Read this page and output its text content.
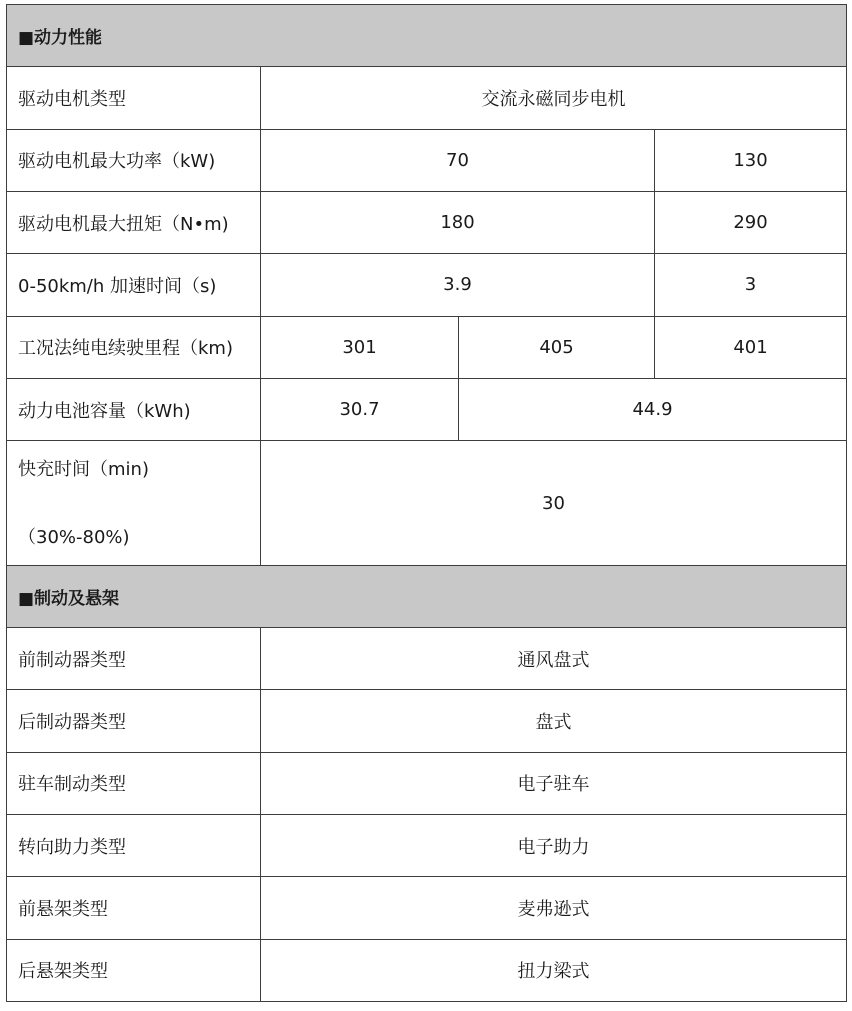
■动力性能			
驱动电机类型	交流永磁同步电机		
驱动电机最大功率（kW)	70		130
驱动电机最大扭矩（N•m)	180		290
0-50km/h 加速时间（s)	3.9		3
工况法纯电续驶里程（km)	301	405	401
动力电池容量（kWh)	30.7	44.9	

快充时间（min)
（30%-80%)	30		
■制动及悬架			
前制动器类型	通风盘式		
后制动器类型	盘式		
驻车制动类型	电子驻车		
转向助力类型	电子助力		
前悬架类型	麦弗逊式		
后悬架类型	扭力梁式		
